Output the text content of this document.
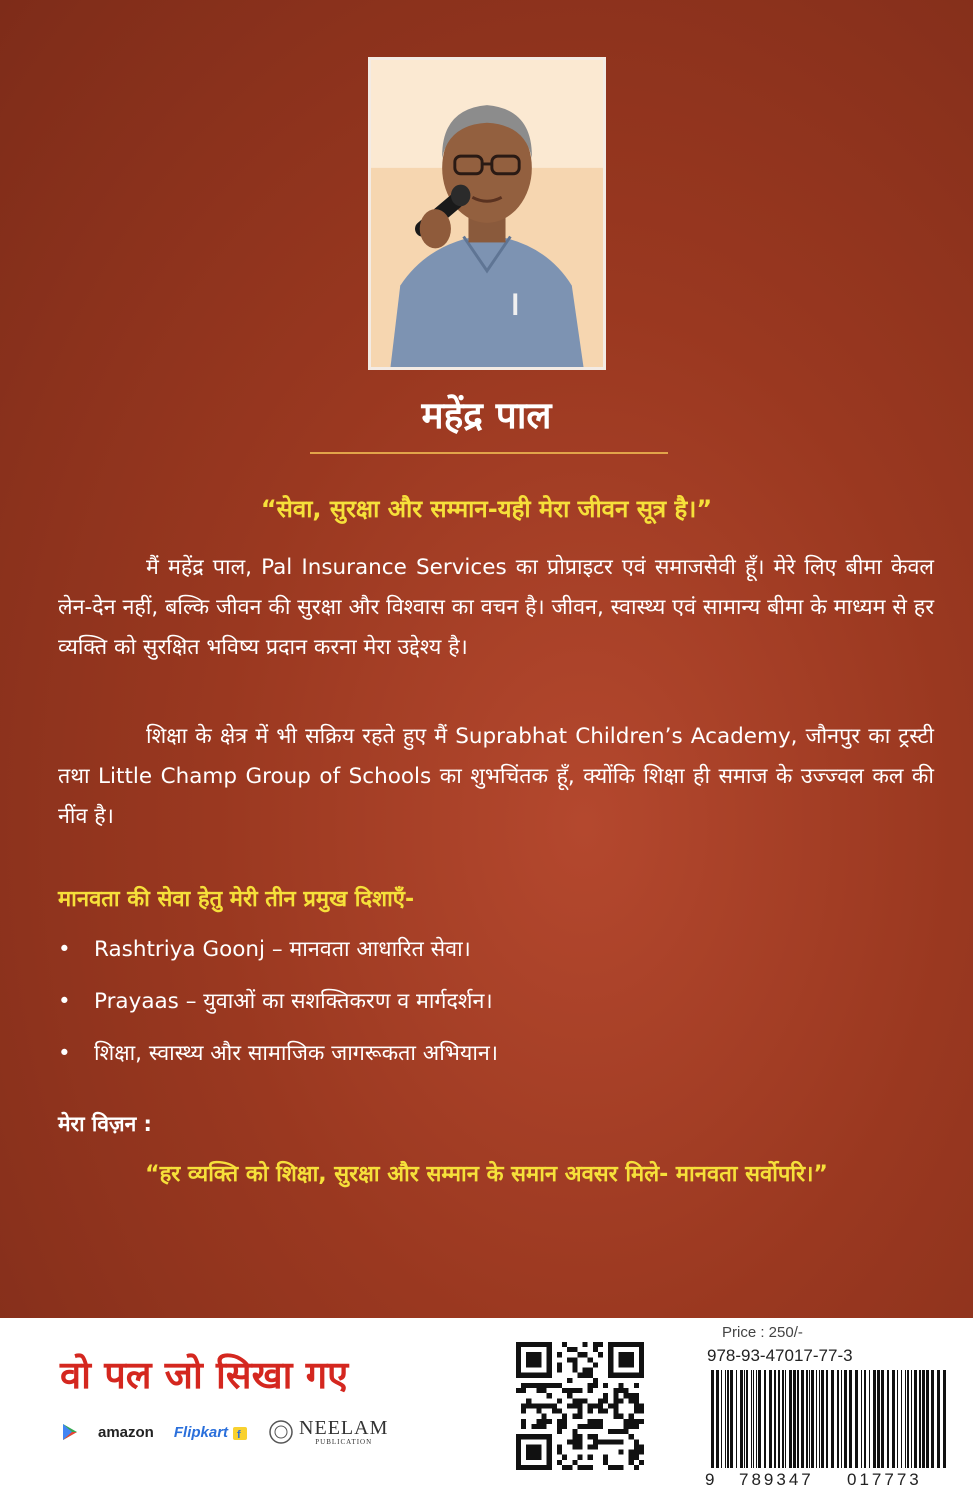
महेंद्र पाल
“सेवा, सुरक्षा और सम्मान-यही मेरा जीवन सूत्र है।”
मैं महेंद्र पाल, Pal Insurance Services का प्रोप्राइटर एवं समाजसेवी हूँ। मेरे लिए बीमा केवल लेन-देन नहीं, बल्कि जीवन की सुरक्षा और विश्वास का वचन है। जीवन, स्वास्थ्य एवं सामान्य बीमा के माध्यम से हर व्यक्ति को सुरक्षित भविष्य प्रदान करना मेरा उद्देश्य है।
शिक्षा के क्षेत्र में भी सक्रिय रहते हुए मैं Suprabhat Children’s Academy, जौनपुर का ट्रस्टी तथा Little Champ Group of Schools का शुभचिंतक हूँ, क्योंकि शिक्षा ही समाज के उज्ज्वल कल की नींव है।
मानवता की सेवा हेतु मेरी तीन प्रमुख दिशाएँ-
• Rashtriya Goonj – मानवता आधारित सेवा।
• Prayaas – युवाओं का सशक्तिकरण व मार्गदर्शन।
• शिक्षा, स्वास्थ्य और सामाजिक जागरूकता अभियान।
मेरा विज़न :
“हर व्यक्ति को शिक्षा, सुरक्षा और सम्मान के समान अवसर मिले- मानवता सर्वोपरि।”
वो पल जो सिखा गए
amazon Flipkart f	NEELAM
PUBLICATION
Price : 250/-
978-93-47017-77-3
9 789347 017773
